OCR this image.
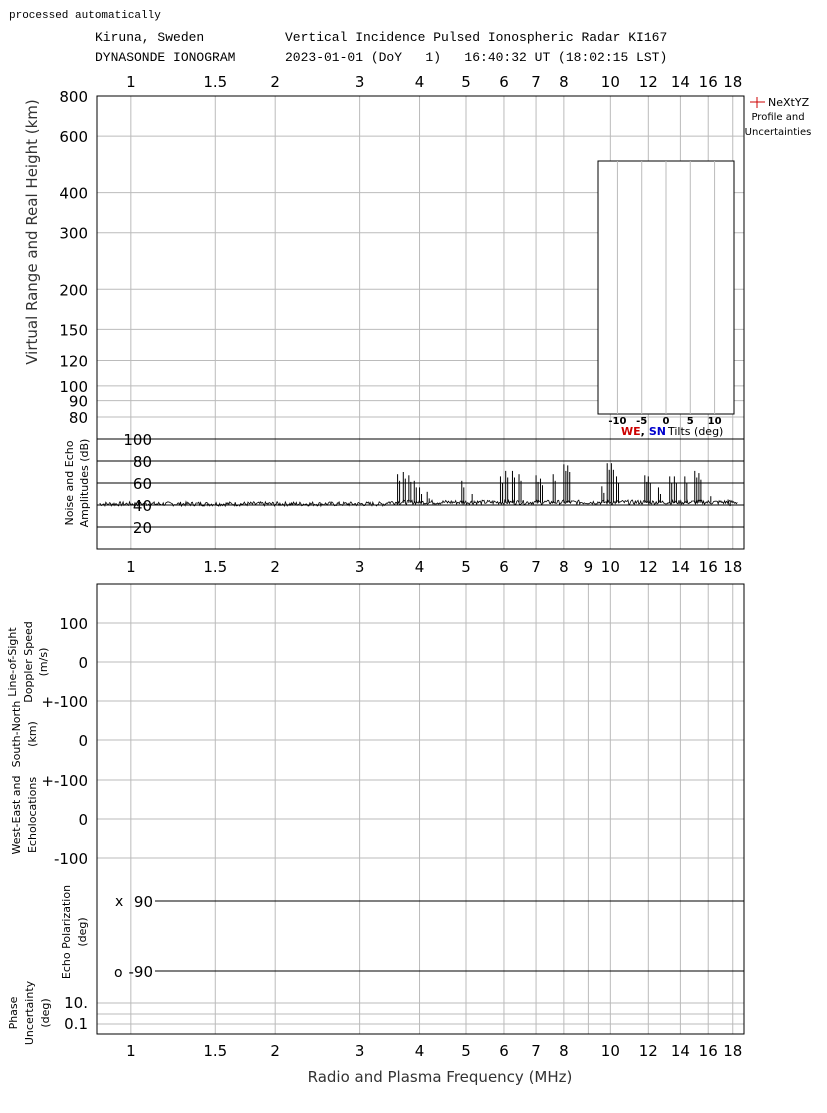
processed automatically
Kiruna, Sweden	Vertical Incidence Pulsed Ionospheric Radar KI167
DYNASONDE IONOGRAM	2023-01-01 (DoY   1)   16:40:32 UT (18:02:15 LST)
-10 -5 0 5 10
WE, SN Tilts (deg)
NeXtYZ
Profile and
Uncertainties
1	1.5	2	3	4 5 6 7 8 10 12 14 16 18
800
600
400
300
200
150
120
100
90
80
100
80
60
40
20
1	1.5	2	3	4 5 6 7 8 9 10 12 14 16 18
1	1.5	2	3	4 5 6 7 8 10 12 14 16 18
100
0
+-100
0
+-100
0
-100
90
-90
10.
0.1
Virtual Range and Real Height (km)
Noise and Echo Amplitudes (dB)
Line-of-Sight Doppler Speed (m/s)
South-North (km)
West-East and Echolocations
Echo Polarization (deg)
Phase Uncertainty (deg)
x
o
Radio and Plasma Frequency (MHz)
